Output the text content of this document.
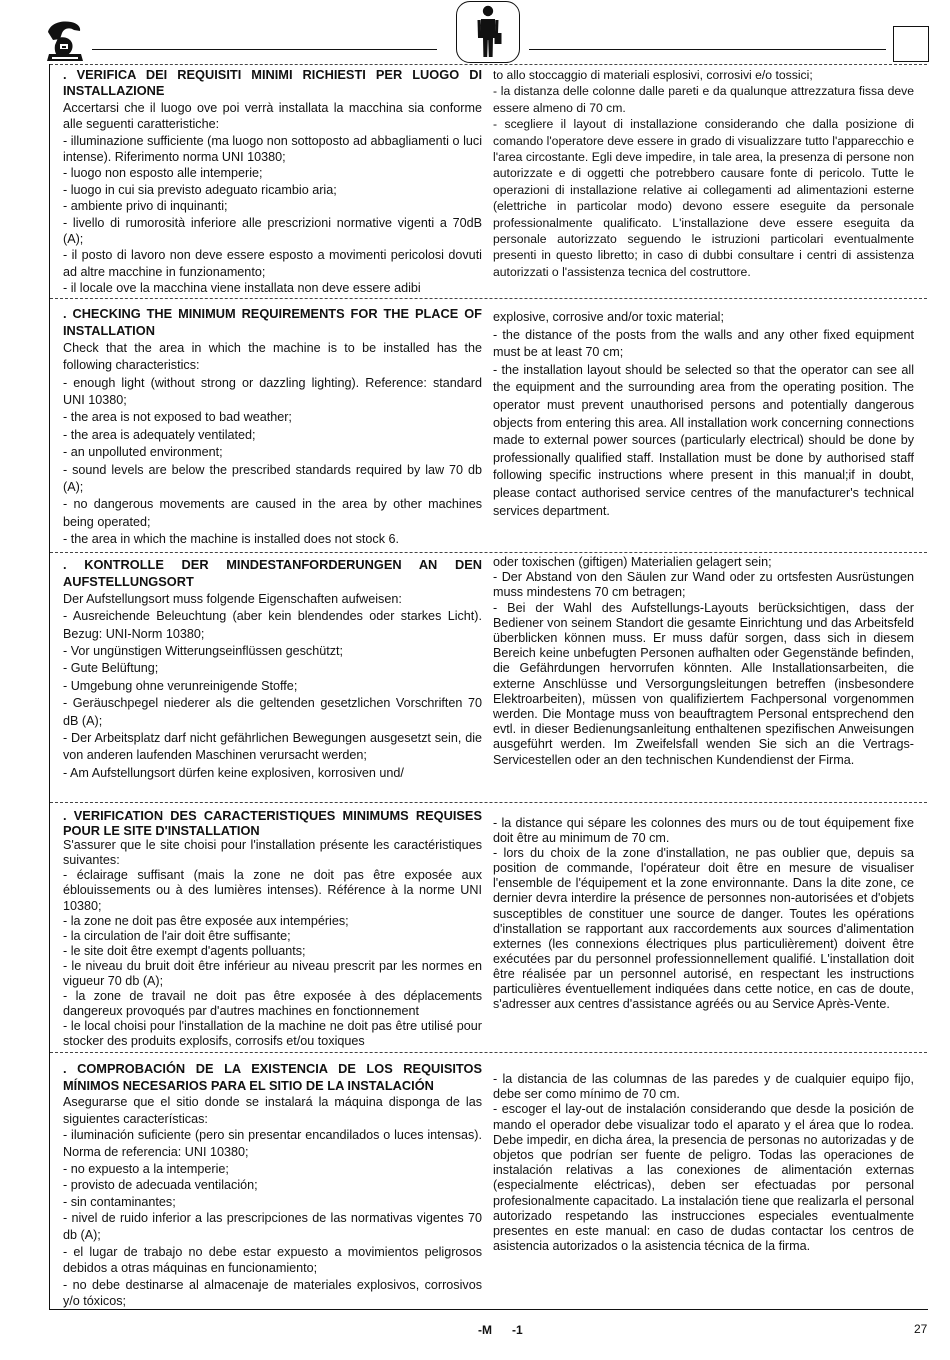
. VERIFICA DEI REQUISITI MINIMI RICHIESTI PER LUOGO DI INSTALLAZIONE

Accertarsi che il luogo ove poi verrà installata la macchina sia conforme alle seguenti caratteristiche:

- illuminazione sufficiente (ma luogo non sottoposto ad abbagliamenti o luci intense). Riferimento norma UNI 10380;

- luogo non esposto alle intemperie;

- luogo in cui sia previsto adeguato ricambio aria;

- ambiente privo di inquinanti;

- livello di rumorosità inferiore alle prescrizioni normative vigenti a 70dB (A);

- il posto di lavoro non deve essere esposto a movimenti pericolosi dovuti ad altre macchine in funzionamento;

- il locale ove la macchina viene installata non deve essere adibi

to allo stoccaggio di materiali esplosivi, corrosivi e/o tossici;

- la distanza delle colonne dalle pareti e da qualunque attrezzatura fissa deve essere almeno di 70 cm.

- scegliere il layout di installazione considerando che dalla posizione di comando l'operatore deve essere in grado di visualizzare tutto l'apparecchio e l'area circostante. Egli deve impedire, in tale area, la presenza di persone non autorizzate e di oggetti che potrebbero causare fonte di pericolo. Tutte le operazioni di installazione relative ai collegamenti ad alimentazioni esterne (elettriche in particolar modo) devono essere eseguite da personale professionalmente qualificato. L'installazione deve essere eseguita da personale autorizzato seguendo le istruzioni particolari eventualmente presenti in questo libretto; in caso di dubbi consultare i centri di assistenza autorizzati o l'assistenza tecnica del costruttore.

. CHECKING THE MINIMUM REQUIREMENTS FOR THE PLACE OF INSTALLATION

Check that the area in which the machine is to be installed has the following characteristics:

- enough light (without strong or dazzling lighting). Reference: standard UNI 10380;

- the area is not exposed to bad weather;

- the area is adequately ventilated;

- an unpolluted environment;

- sound levels are below the prescribed standards required by law 70 db (A);

- no dangerous movements are caused in the area by other machines being operated;

- the area in which the machine is installed does not stock 6.

explosive, corrosive and/or toxic material;

- the distance of the posts from the walls and any other fixed equipment must be at least 70 cm;

- the installation layout should be selected so that the operator can see all the equipment and the surrounding area from the operating position. The operator must prevent unauthorised persons and potentially dangerous objects from entering this area. All installation work concerning connections made to external power sources (particularly electrical) should be done by professionally qualified staff. Installation must be done by authorised staff following specific instructions where present in this manual;if in doubt, please contact authorised service centres of the manufacturer's technical services department.

. KONTROLLE DER MINDESTANFORDERUNGEN AN DEN AUFSTELLUNGSORT

Der Aufstellungsort muss folgende Eigenschaften aufweisen:

- Ausreichende Beleuchtung (aber kein blendendes oder starkes Licht). Bezug: UNI-Norm 10380;

- Vor ungünstigen Witterungseinflüssen geschützt;

- Gute Belüftung;

- Umgebung ohne verunreinigende Stoffe;

- Geräuschpegel niederer als die geltenden gesetzlichen Vorschriften 70 dB (A);

- Der Arbeitsplatz darf nicht gefährlichen Bewegungen ausgesetzt sein, die von anderen laufenden Maschinen verursacht werden;

- Am Aufstellungsort dürfen keine explosiven, korrosiven und/

oder toxischen (giftigen) Materialien gelagert sein;

- Der Abstand von den Säulen zur Wand oder zu ortsfesten Ausrüstungen muss mindestens 70 cm betragen;

- Bei der Wahl des Aufstellungs-Layouts berücksichtigen, dass der Bediener von seinem Standort die gesamte Einrichtung und das Arbeitsfeld überblicken können muss. Er muss dafür sorgen, dass sich in diesem Bereich keine unbefugten Personen aufhalten oder Gegenstände befinden, die Gefährdungen hervorrufen könnten. Alle Installationsarbeiten, die externe Anschlüsse und Versorgungsleitungen betreffen (insbesondere Elektroarbeiten), müssen von qualifiziertem Fachpersonal vorgenommen werden. Die Montage muss von beauftragtem Personal entsprechend den evtl. in dieser Bedienungsanleitung enthaltenen spezifischen Anweisungen ausgeführt werden. Im Zweifelsfall wenden Sie sich an die Vertrags-Servicestellen oder an den technischen Kundendienst der Firma.

. VERIFICATION DES CARACTERISTIQUES MINIMUMS REQUISES POUR LE SITE D'INSTALLATION

S'assurer que le site choisi pour l'installation présente les caractéristiques suivantes:

- éclairage suffisant (mais la zone ne doit pas être exposée aux éblouissements ou à des lumières intenses). Référence à la norme UNI 10380;

- la zone ne doit pas être exposée aux intempéries;

- la circulation de l'air doit être suffisante;

- le site doit être exempt d'agents polluants;

- le niveau du bruit doit être inférieur au niveau prescrit par les normes en vigueur 70 db (A);

- la zone de travail ne doit pas être exposée à des déplacements dangereux provoqués par d'autres machines en fonctionnement

- le local choisi pour l'installation de la machine ne doit pas être utilisé pour stocker des produits explosifs, corrosifs et/ou toxiques

- la distance qui sépare les colonnes des murs ou de tout équipement fixe doit être au minimum de 70 cm.

- lors du choix de la zone d'installation, ne pas oublier que, depuis sa position de commande, l'opérateur doit être en mesure de visualiser l'ensemble de l'équipement et la zone environnante. Dans la dite zone, ce dernier devra interdire la présence de personnes non-autorisées et d'objets susceptibles de constituer une source de danger. Toutes les opérations d'installation se rapportant aux raccordements aux sources d'alimentation externes (les connexions électriques plus particulièrement) doivent être exécutées par du personnel professionnellement qualifié. L'installation doit être réalisée par un personnel autorisé, en respectant les instructions particulières éventuellement indiquées dans cette notice, en cas de doute, s'adresser aux centres d'assistance agréés ou au Service Après-Vente.

. COMPROBACIÓN DE LA EXISTENCIA DE LOS REQUISITOS MÍNIMOS NECESARIOS PARA EL SITIO DE LA INSTALACIÓN

Asegurarse que el sitio donde se instalará la máquina disponga de las siguientes características:

- iluminación suficiente (pero sin presentar encandilados o luces intensas). Norma de referencia: UNI 10380;

- no expuesto a la intemperie;

- provisto de adecuada ventilación;

- sin contaminantes;

- nivel de ruido inferior a las prescripciones de las normativas vigentes 70 db (A);

- el lugar de trabajo no debe estar expuesto a movimientos peligrosos debidos a otras máquinas en funcionamiento;

- no debe destinarse al almacenaje de materiales explosivos, corrosivos y/o tóxicos;

- la distancia de las columnas de las paredes y de cualquier equipo fijo, debe ser como mínimo de 70 cm.

- escoger el lay-out de instalación considerando que desde la posición de mando el operador debe visualizar todo el aparato y el área que lo rodea. Debe impedir, en dicha área, la presencia de personas no autorizadas y de objetos que podrían ser fuente de peligro. Todas las operaciones de instalación relativas a las conexiones de alimentación externas (especialmente eléctricas), deben ser efectuadas por personal profesionalmente capacitado. La instalación tiene que realizarla el personal autorizado respetando las instrucciones especiales eventualmente presentes en este manual: en caso de dudas contactar los centros de asistencia autorizados o la asistencia técnica de la firma.

-M      -1	27
